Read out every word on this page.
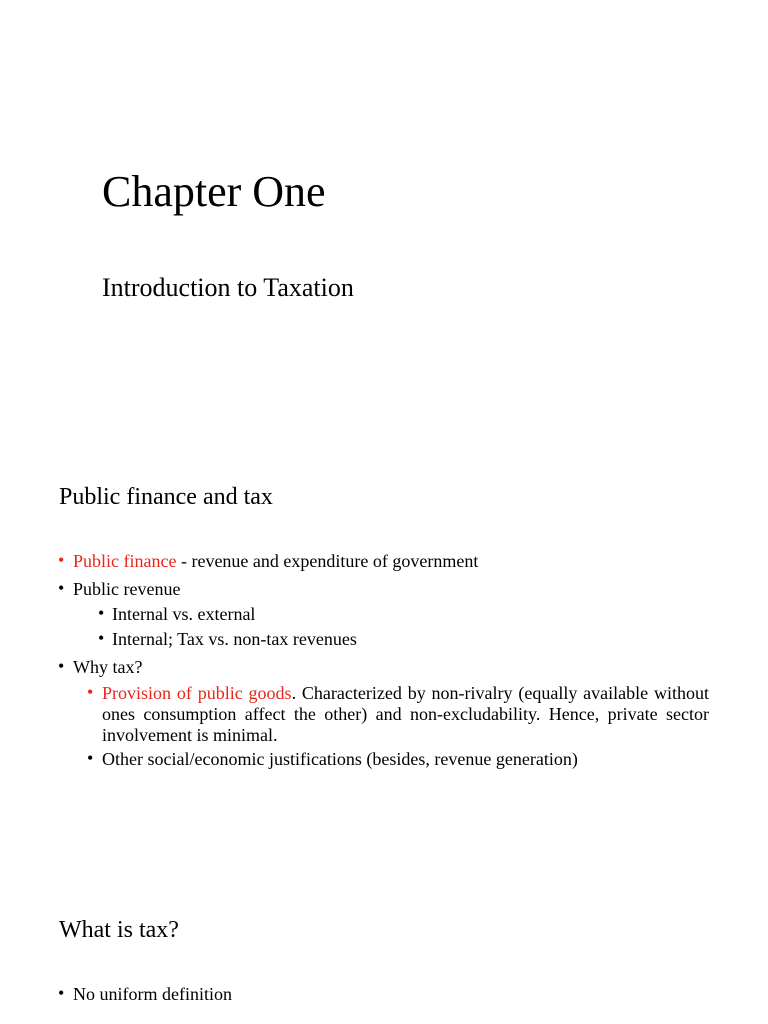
Chapter One
Introduction to Taxation
Public finance and tax
• Public finance - revenue and expenditure of government

• Public revenue

• Internal vs. external

• Internal; Tax vs. non-tax revenues

• Why tax?

• Provision of public goods. Characterized by non-rivalry (equally available without ones consumption affect the other) and non-excludability. Hence, private sector involvement is minimal.

• Other social/economic justifications (besides, revenue generation)

What is tax?
• No uniform definition
